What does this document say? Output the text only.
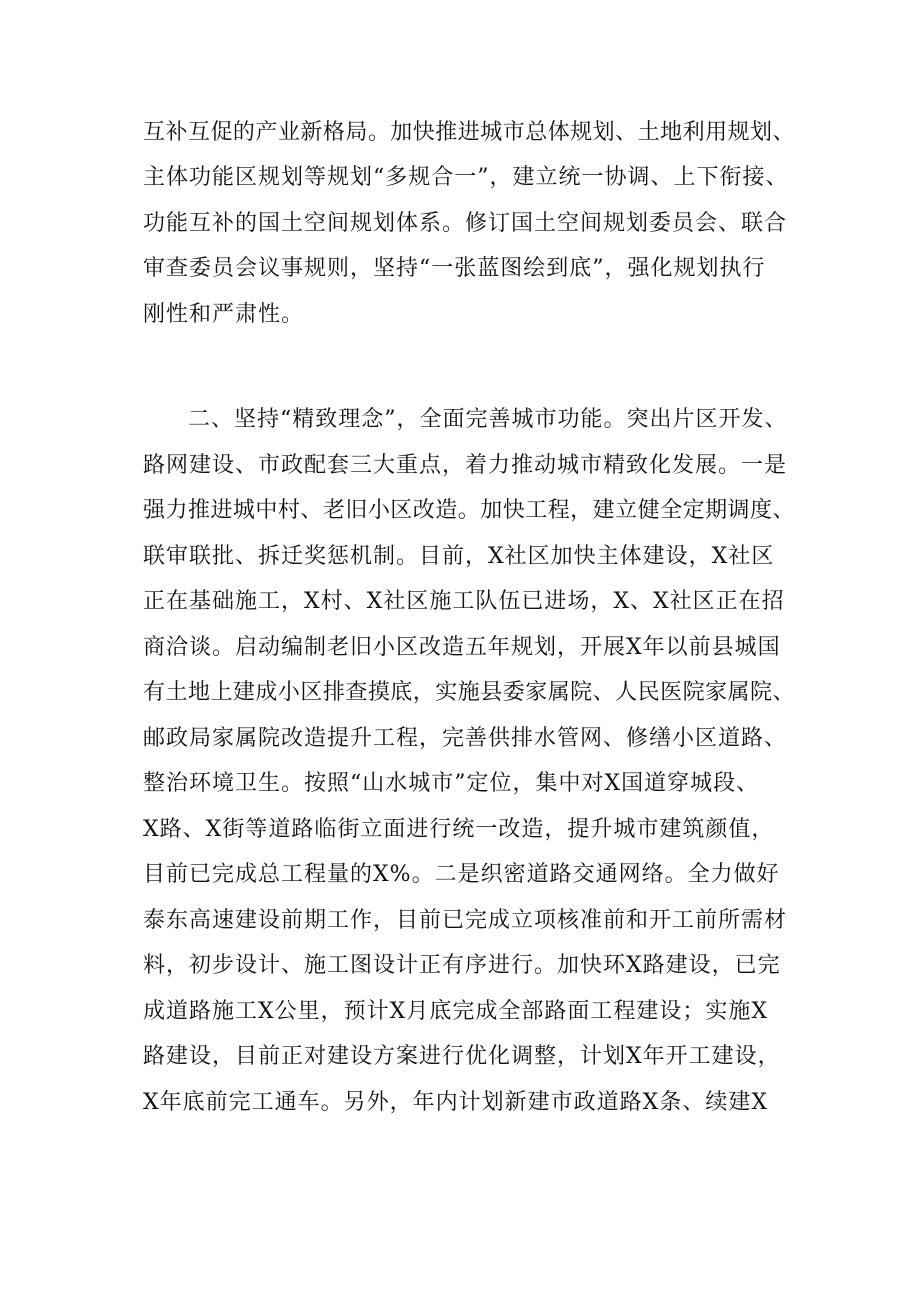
互补互促的产业新格局。加快推进城市总体规划、土地利用规划、
主体功能区规划等规划“多规合一”，建立统一协调、上下衔接、
功能互补的国土空间规划体系。修订国土空间规划委员会、联合
审查委员会议事规则，坚持“一张蓝图绘到底”，强化规划执行
刚性和严肃性。
二、坚持“精致理念”，全面完善城市功能。突出片区开发、
路网建设、市政配套三大重点，着力推动城市精致化发展。一是
强力推进城中村、老旧小区改造。加快工程，建立健全定期调度、
联审联批、拆迁奖惩机制。目前，X社区加快主体建设，X社区
正在基础施工，X村、X社区施工队伍已进场，X、X社区正在招
商洽谈。启动编制老旧小区改造五年规划，开展X年以前县城国
有土地上建成小区排查摸底，实施县委家属院、人民医院家属院、
邮政局家属院改造提升工程，完善供排水管网、修缮小区道路、
整治环境卫生。按照“山水城市”定位，集中对X国道穿城段、
X路、X街等道路临街立面进行统一改造，提升城市建筑颜值，
目前已完成总工程量的X%。二是织密道路交通网络。全力做好
泰东高速建设前期工作，目前已完成立项核准前和开工前所需材
料，初步设计、施工图设计正有序进行。加快环X路建设，已完
成道路施工X公里，预计X月底完成全部路面工程建设；实施X
路建设，目前正对建设方案进行优化调整，计划X年开工建设，
X年底前完工通车。另外，年内计划新建市政道路X条、续建X
